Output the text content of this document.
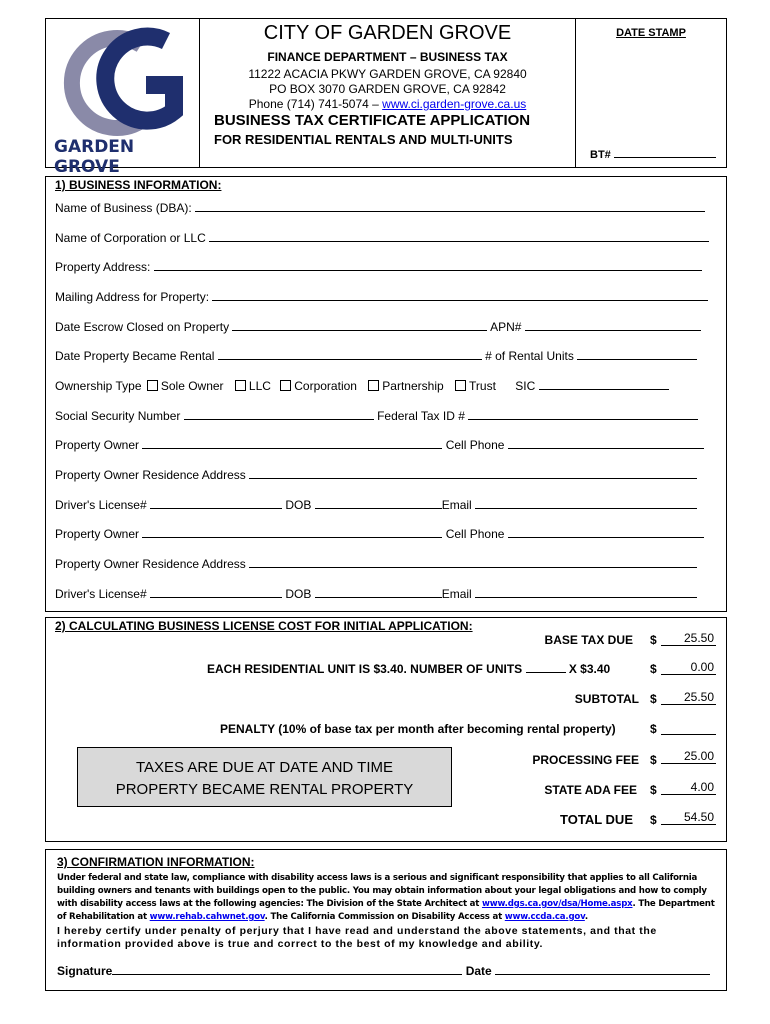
GARDEN GROVE
CITY OF GARDEN GROVE
FINANCE DEPARTMENT – BUSINESS TAX
11222 ACACIA PKWY GARDEN GROVE, CA 92840
PO BOX 3070 GARDEN GROVE, CA 92842
Phone (714) 741-5074 – www.ci.garden-grove.ca.us
BUSINESS TAX CERTIFICATE APPLICATION
FOR RESIDENTIAL RENTALS AND MULTI-UNITS
DATE STAMP
BT#
1) BUSINESS INFORMATION:
Name of Business (DBA):
Name of Corporation or LLC
Property Address:
Mailing Address for Property:
Date Escrow Closed on Property	APN#
Date Property Became Rental	# of Rental Units
Ownership Type Sole Owner LLC Corporation Partnership Trust SIC
Social Security Number	Federal Tax ID #
Property Owner	Cell Phone
Property Owner Residence Address
Driver's License#	DOB	Email
Property Owner	Cell Phone
Property Owner Residence Address
Driver's License#	DOB	Email
2) CALCULATING BUSINESS LICENSE COST FOR INITIAL APPLICATION:
BASE TAX DUE $	25.50
EACH RESIDENTIAL UNIT IS $3.40. NUMBER OF UNITS	X $3.40	$	0.00
SUBTOTAL $	25.50
PENALTY (10% of base tax per month after becoming rental property)	$
TAXES ARE DUE AT DATE AND TIME
PROPERTY BECAME RENTAL PROPERTY
PROCESSING FEE $	25.00
STATE ADA FEE $	4.00
TOTAL DUE $	54.50
3) CONFIRMATION INFORMATION:
Under federal and state law, compliance with disability access laws is a serious and significant responsibility that applies to all California building owners and tenants with buildings open to the public. You may obtain information about your legal obligations and how to comply with disability access laws at the following agencies: The Division of the State Architect at www.dgs.ca.gov/dsa/Home.aspx. The Department of Rehabilitation at www.rehab.cahwnet.gov. The California Commission on Disability Access at www.ccda.ca.gov.
I hereby certify under penalty of perjury that I have read and understand the above statements, and that the information provided above is true and correct to the best of my knowledge and ability.
Signature	Date
